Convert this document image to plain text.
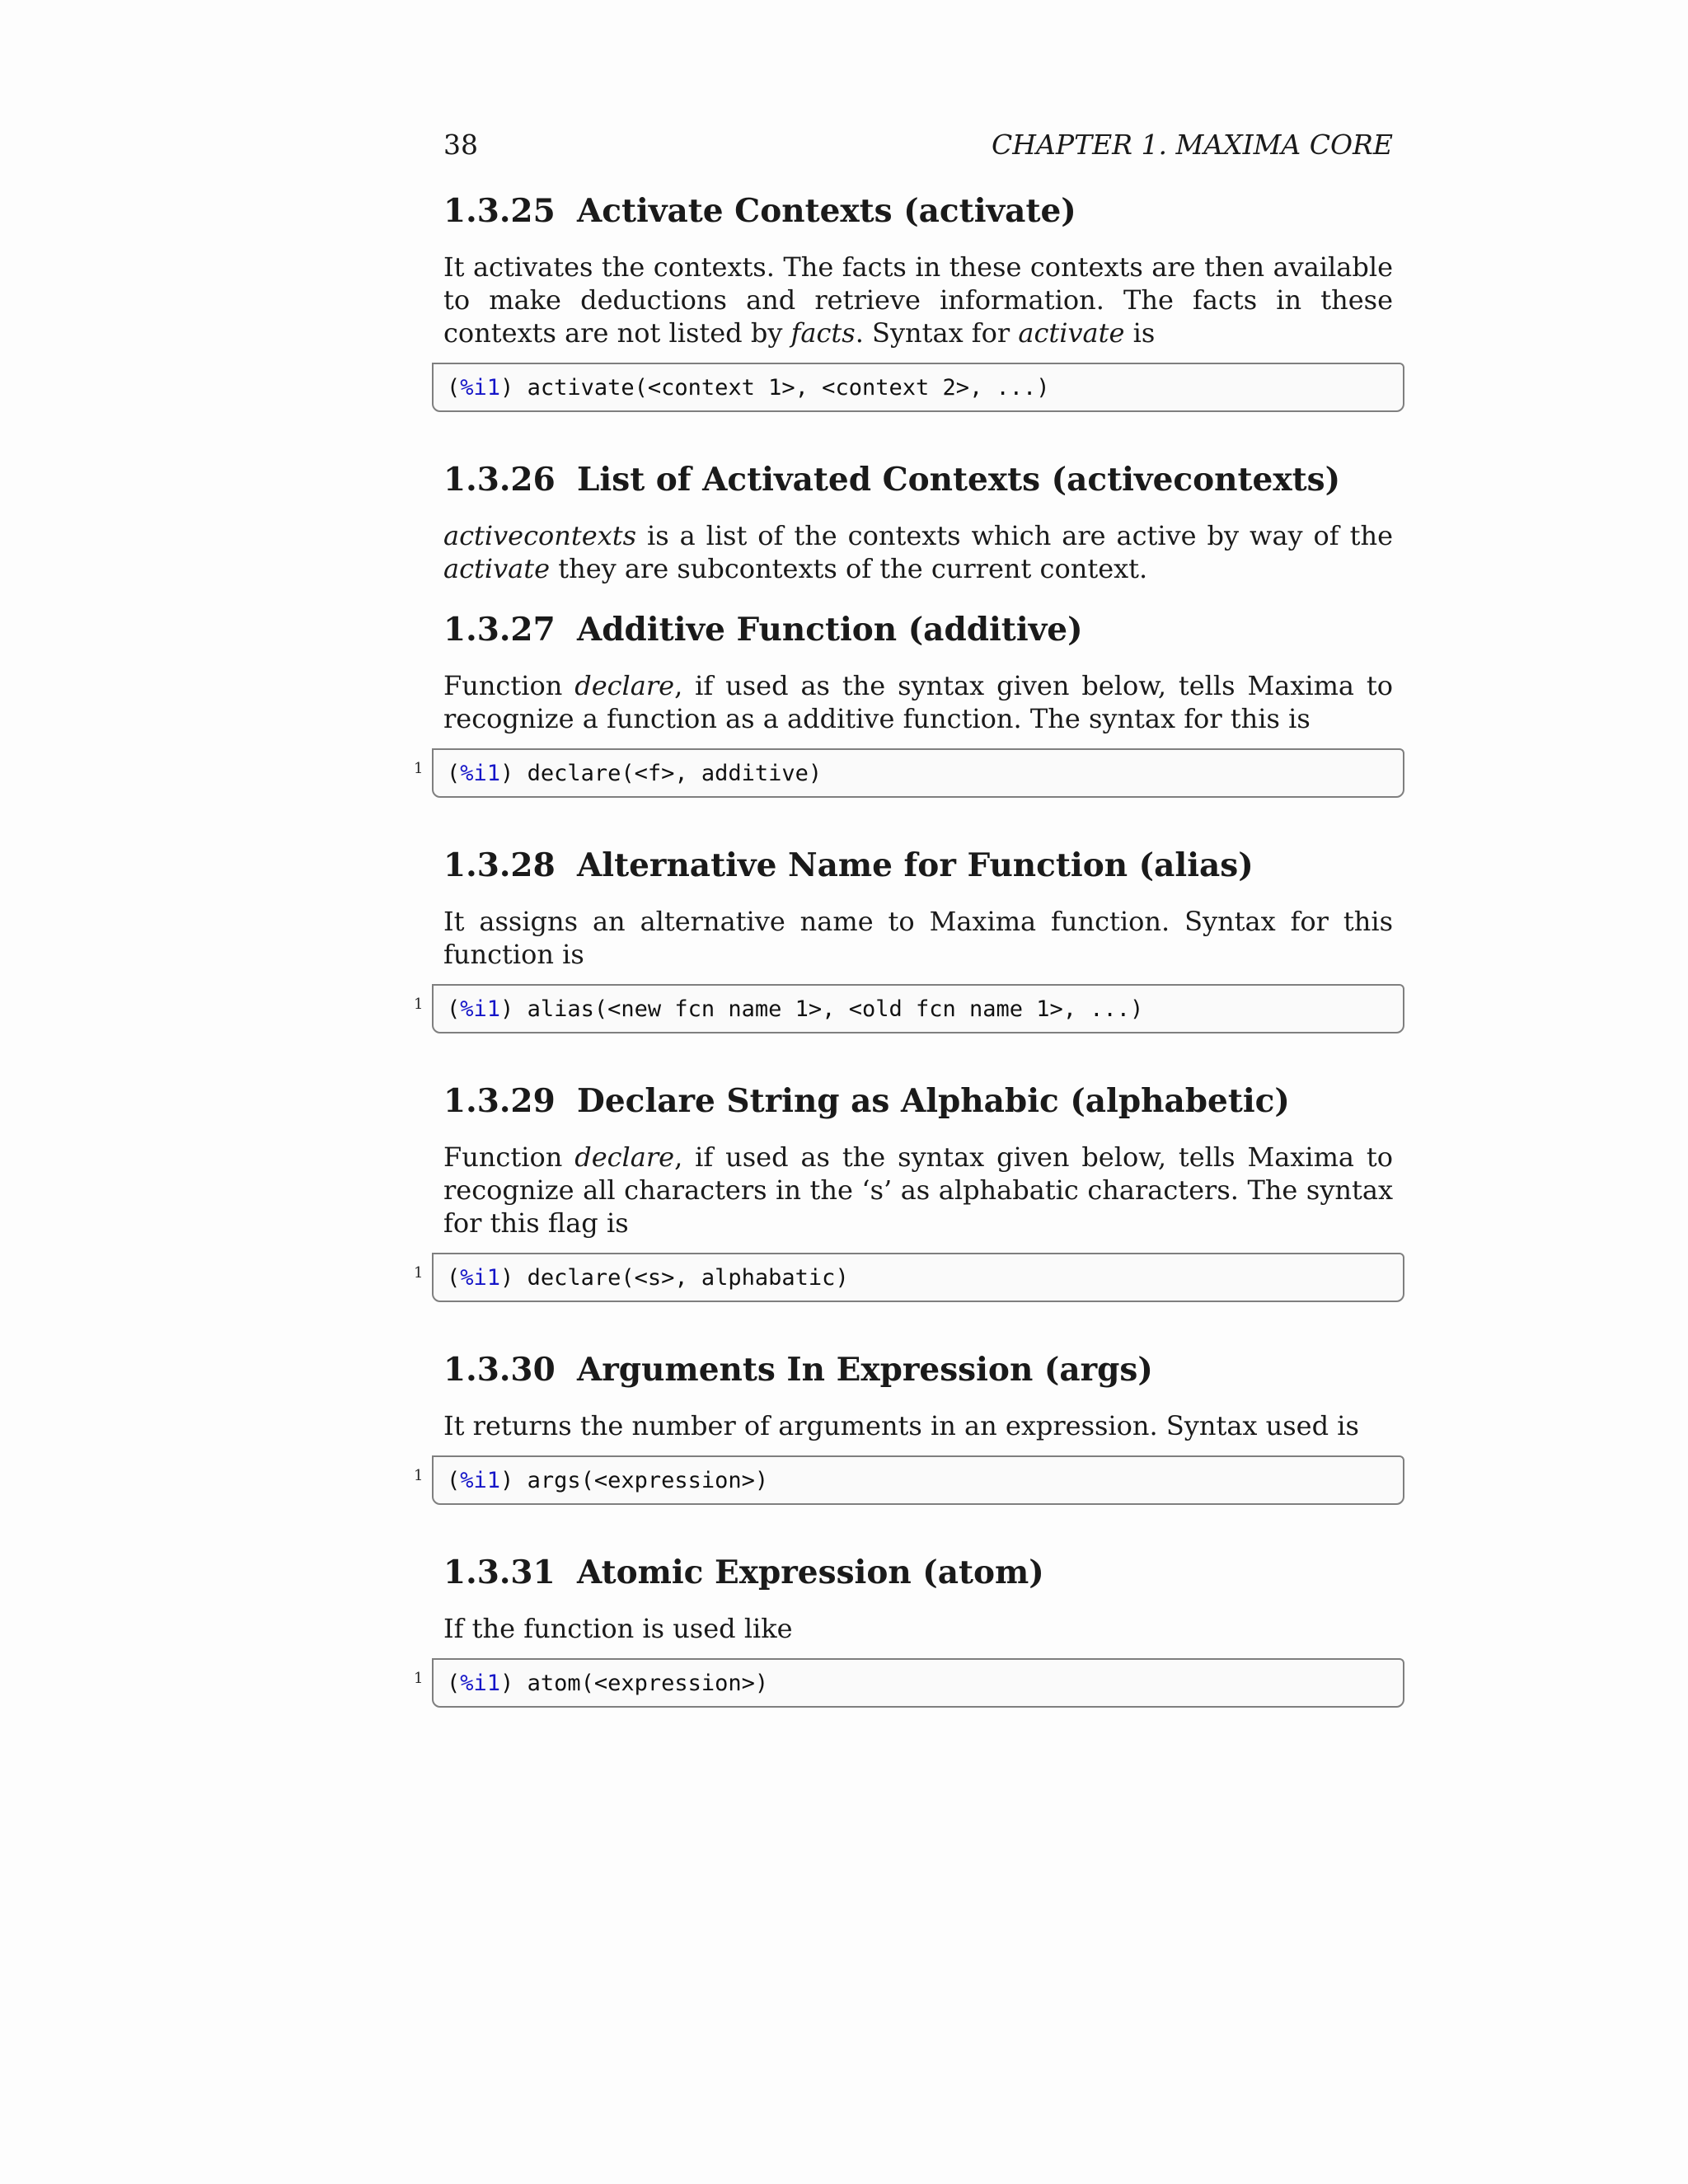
38	CHAPTER 1. MAXIMA CORE
1.3.25 Activate Contexts (activate)

It activates the contexts. The facts in these contexts are then available to make deductions and retrieve information. The facts in these contexts are not listed by facts. Syntax for activate is

( %i1 ) activate(<context 1>, <context 2>, ...)
1.3.26 List of Activated Contexts (activecontexts)

activecontexts is a list of the contexts which are active by way of the activate they are subcontexts of the current context.

1.3.27 Additive Function (additive)

Function declare, if used as the syntax given below, tells Maxima to recognize a function as a additive function. The syntax for this is

1 ( %i1 ) declare(<f>, additive)
1.3.28 Alternative Name for Function (alias)

It assigns an alternative name to Maxima function. Syntax for this function is

1 ( %i1 ) alias(<new fcn name 1>, <old fcn name 1>, ...)
1.3.29 Declare String as Alphabic (alphabetic)

Function declare, if used as the syntax given below, tells Maxima to recognize all characters in the ‘s’ as alphabatic characters. The syntax for this flag is

1 ( %i1 ) declare(<s>, alphabatic)
1.3.30 Arguments In Expression (args)

It returns the number of arguments in an expression. Syntax used is

1 ( %i1 ) args(<expression>)
1.3.31 Atomic Expression (atom)

If the function is used like

1 ( %i1 ) atom(<expression>)
